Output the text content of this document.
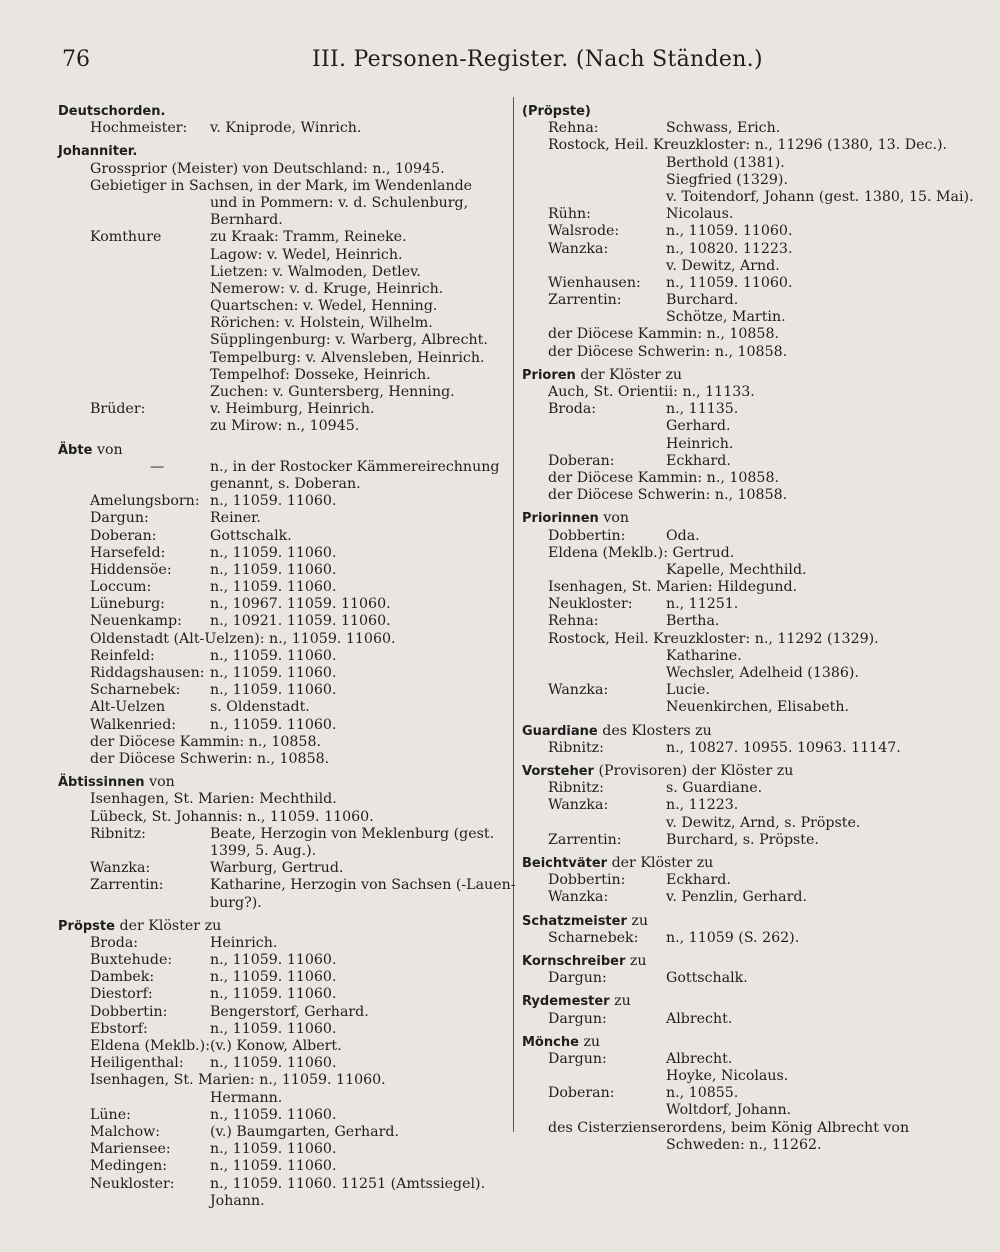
76	III. Personen-Register. (Nach Ständen.)
Deutschorden.
Hochmeister: v. Kniprode, Winrich.
Johanniter.
Grossprior (Meister) von Deutschland: n., 10945.
Gebietiger in Sachsen, in der Mark, im Wendenlande
und in Pommern: v. d. Schulenburg,
Bernhard.
Komthure	zu Kraak: Tramm, Reineke.
Lagow: v. Wedel, Heinrich.
Lietzen: v. Walmoden, Detlev.
Nemerow: v. d. Kruge, Heinrich.
Quartschen: v. Wedel, Henning.
Rörichen: v. Holstein, Wilhelm.
Süpplingenburg: v. Warberg, Albrecht.
Tempelburg: v. Alvensleben, Heinrich.
Tempelhof: Dosseke, Heinrich.
Zuchen: v. Guntersberg, Henning.
Brüder:	v. Heimburg, Heinrich.
zu Mirow: n., 10945.
Äbte von
—	n., in der Rostocker Kämmereirechnung
genannt, s. Doberan.
Amelungsborn: n., 11059. 11060.
Dargun:	Reiner.
Doberan:	Gottschalk.
Harsefeld:	n., 11059. 11060.
Hiddensöe:	n., 11059. 11060.
Loccum:	n., 11059. 11060.
Lüneburg:	n., 10967. 11059. 11060.
Neuenkamp: n., 10921. 11059. 11060.
Oldenstadt (Alt-Uelzen): n., 11059. 11060.
Reinfeld:	n., 11059. 11060.
Riddagshausen: n., 11059. 11060.
Scharnebek: n., 11059. 11060.
Alt-Uelzen	s. Oldenstadt.
Walkenried: n., 11059. 11060.
der Diöcese Kammin: n., 10858.
der Diöcese Schwerin: n., 10858.
Äbtissinnen von
Isenhagen, St. Marien: Mechthild.
Lübeck, St. Johannis: n., 11059. 11060.
Ribnitz:	Beate, Herzogin von Meklenburg (gest.
1399, 5. Aug.).
Wanzka:	Warburg, Gertrud.
Zarrentin:	Katharine, Herzogin von Sachsen (-Lauen-
burg?).
Pröpste der Klöster zu
Broda:	Heinrich.
Buxtehude:	n., 11059. 11060.
Dambek:	n., 11059. 11060.
Diestorf:	n., 11059. 11060.
Dobbertin:	Bengerstorf, Gerhard.
Ebstorf:	n., 11059. 11060.
Eldena (Meklb.): (v.) Konow, Albert.
Heiligenthal: n., 11059. 11060.
Isenhagen, St. Marien: n., 11059. 11060.
Hermann.
Lüne:	n., 11059. 11060.
Malchow:	(v.) Baumgarten, Gerhard.
Mariensee:	n., 11059. 11060.
Medingen:	n., 11059. 11060.
Neukloster: n., 11059. 11060. 11251 (Amtssiegel).
Johann.
(Pröpste)
Rehna:	Schwass, Erich.
Rostock, Heil. Kreuzkloster: n., 11296 (1380, 13. Dec.).
Berthold (1381).
Siegfried (1329).
v. Toitendorf, Johann (gest. 1380, 15. Mai).
Rühn:	Nicolaus.
Walsrode:	n., 11059. 11060.
Wanzka:	n., 10820. 11223.
v. Dewitz, Arnd.
Wienhausen: n., 11059. 11060.
Zarrentin:	Burchard.
Schötze, Martin.
der Diöcese Kammin: n., 10858.
der Diöcese Schwerin: n., 10858.
Prioren der Klöster zu
Auch, St. Orientii: n., 11133.
Broda:	n., 11135.
Gerhard.
Heinrich.
Doberan:	Eckhard.
der Diöcese Kammin: n., 10858.
der Diöcese Schwerin: n., 10858.
Priorinnen von
Dobbertin:	Oda.
Eldena (Meklb.): Gertrud.
Kapelle, Mechthild.
Isenhagen, St. Marien: Hildegund.
Neukloster: n., 11251.
Rehna:	Bertha.
Rostock, Heil. Kreuzkloster: n., 11292 (1329).
Katharine.
Wechsler, Adelheid (1386).
Wanzka:	Lucie.
Neuenkirchen, Elisabeth.
Guardiane des Klosters zu
Ribnitz:	n., 10827. 10955. 10963. 11147.
Vorsteher (Provisoren) der Klöster zu
Ribnitz:	s. Guardiane.
Wanzka:	n., 11223.
v. Dewitz, Arnd, s. Pröpste.
Zarrentin:	Burchard, s. Pröpste.
Beichtväter der Klöster zu
Dobbertin:	Eckhard.
Wanzka:	v. Penzlin, Gerhard.
Schatzmeister zu
Scharnebek: n., 11059 (S. 262).
Kornschreiber zu
Dargun:	Gottschalk.
Rydemester zu
Dargun:	Albrecht.
Mönche zu
Dargun:	Albrecht.
Hoyke, Nicolaus.
Doberan:	n., 10855.
Woltdorf, Johann.
des Cisterzienserordens, beim König Albrecht von
Schweden: n., 11262.
